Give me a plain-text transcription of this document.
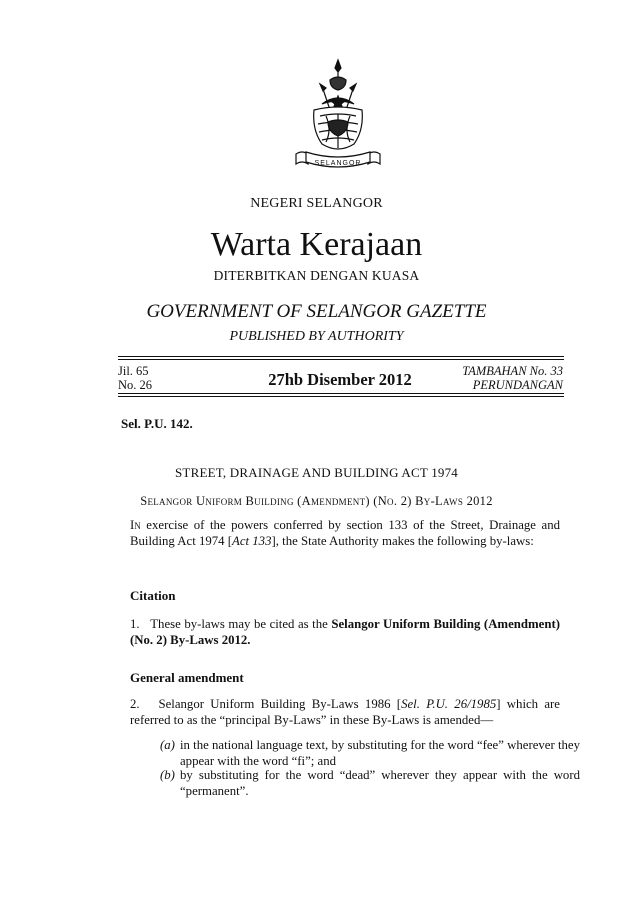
SELANGOR
NEGERI SELANGOR
Warta Kerajaan
DITERBITKAN DENGAN KUASA
GOVERNMENT OF SELANGOR GAZETTE
PUBLISHED BY AUTHORITY
Jil. 65
No. 26	27hb Disember 2012	TAMBAHAN No. 33
PERUNDANGAN
Sel. P.U. 142.
STREET, DRAINAGE AND BUILDING ACT 1974
Selangor Uniform Building (Amendment) (No. 2) By-Laws 2012
In exercise of the powers conferred by section 133 of the Street, Drainage and Building Act 1974 [Act 133], the State Authority makes the following by-laws:
Citation
1. These by-laws may be cited as the Selangor Uniform Building (Amendment) (No. 2) By-Laws 2012.
General amendment
2. Selangor Uniform Building By-Laws 1986 [Sel. P.U. 26/1985] which are referred to as the “principal By-Laws” in these By-Laws is amended—
(a) in the national language text, by substituting for the word “fee” wherever they appear with the word “fi”; and
(b) by substituting for the word “dead” wherever they appear with the word “permanent”.
